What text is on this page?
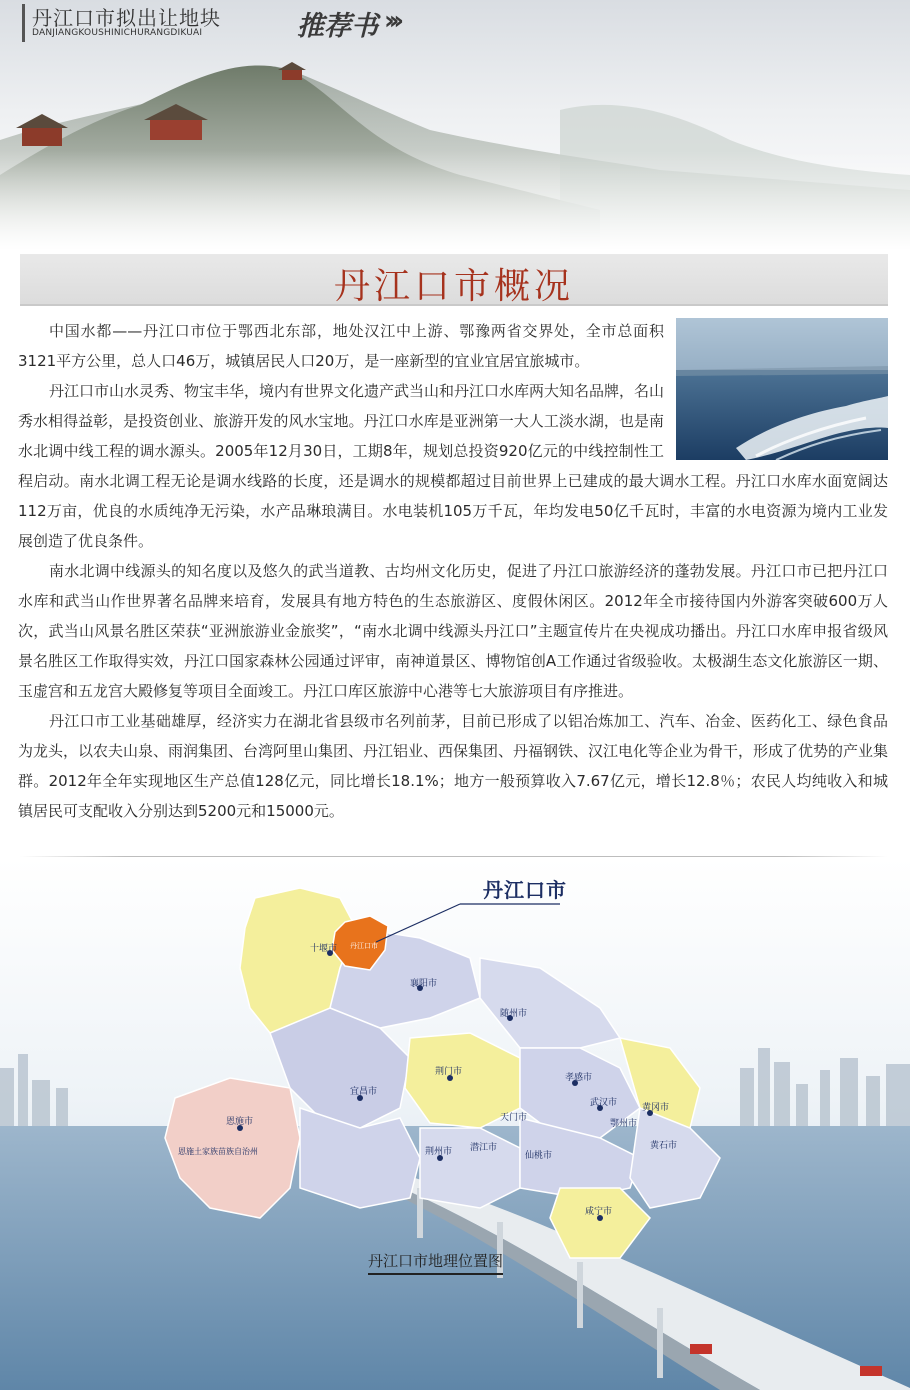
丹江口市拟出让地块
DANJIANGKOUSHINICHURANGDIKUAI	推荐书 ›››
丹江口市概况

中国水都——丹江口市位于鄂西北东部，地处汉江中上游、鄂豫两省交界处，全市总面积3121平方公里，总人口46万，城镇居民人口20万，是一座新型的宜业宜居宜旅城市。

丹江口市山水灵秀、物宝丰华，境内有世界文化遗产武当山和丹江口水库两大知名品牌，名山秀水相得益彰，是投资创业、旅游开发的风水宝地。丹江口水库是亚洲第一大人工淡水湖，也是南水北调中线工程的调水源头。2005年12月30日，工期8年，规划总投资920亿元的中线控制性工程启动。南水北调工程无论是调水线路的长度，还是调水的规模都超过目前世界上已建成的最大调水工程。丹江口水库水面宽阔达112万亩，优良的水质纯净无污染，水产品琳琅满目。水电装机105万千瓦，年均发电50亿千瓦时，丰富的水电资源为境内工业发展创造了优良条件。

南水北调中线源头的知名度以及悠久的武当道教、古均州文化历史，促进了丹江口旅游经济的蓬勃发展。丹江口市已把丹江口水库和武当山作世界著名品牌来培育，发展具有地方特色的生态旅游区、度假休闲区。2012年全市接待国内外游客突破600万人次，武当山风景名胜区荣获“亚洲旅游业金旅奖”，“南水北调中线源头丹江口”主题宣传片在央视成功播出。丹江口水库申报省级风景名胜区工作取得实效，丹江口国家森林公园通过评审，南神道景区、博物馆创A工作通过省级验收。太极湖生态文化旅游区一期、玉虚宫和五龙宫大殿修复等项目全面竣工。丹江口库区旅游中心港等七大旅游项目有序推进。

丹江口市工业基础雄厚，经济实力在湖北省县级市名列前茅，目前已形成了以铝冶炼加工、汽车、冶金、医药化工、绿色食品为龙头，以农夫山泉、雨润集团、台湾阿里山集团、丹江铝业、西保集团、丹福钢铁、汉江电化等企业为骨干，形成了优势的产业集群。2012年全年实现地区生产总值128亿元，同比增长18.1%；地方一般预算收入7.67亿元，增长12.8％；农民人均纯收入和城镇居民可支配收入分别达到5200元和15000元。

丹江口市
十堰市
襄阳市
随州市
孝感市
武汉市	黄冈市
鄂州市
黄石市
咸宁市
荆州市
荆门市
宜昌市
恩施市
潜江市
天门市
仙桃市
恩施土家族苗族自治州
丹江口市
丹江口市地理位置图
